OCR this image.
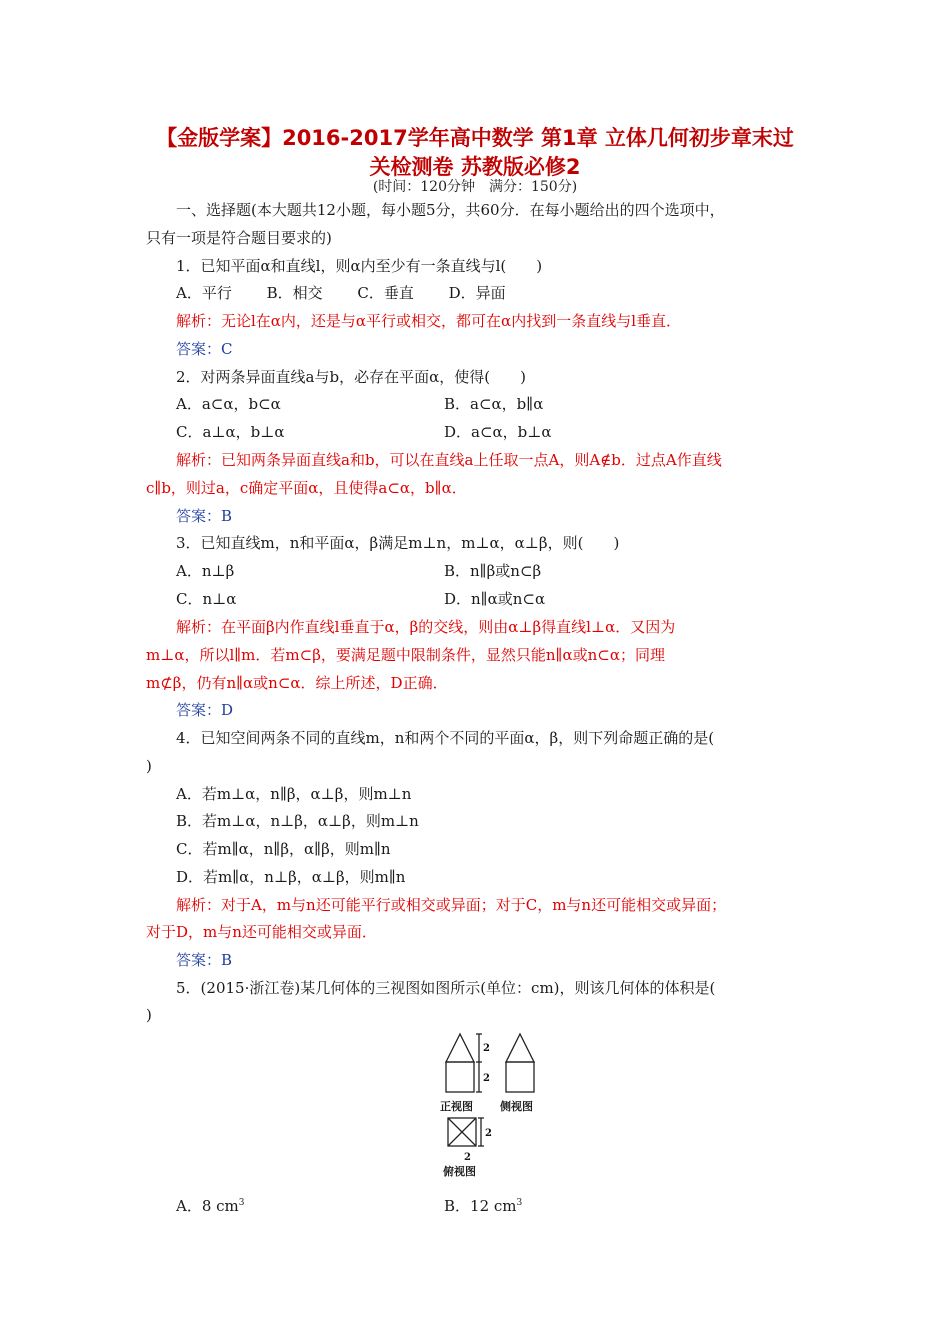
【金版学案】2016-2017学年高中数学 第1章 立体几何初步章末过
关检测卷 苏教版必修2
(时间：120分钟　满分：150分)
一、选择题(本大题共12小题，每小题5分，共60分．在每小题给出的四个选项中，
只有一项是符合题目要求的)
1．已知平面α和直线l，则α内至少有一条直线与l(　　)
A．平行　　 B．相交　　 C．垂直　　 D．异面
解析：无论l在α内，还是与α平行或相交，都可在α内找到一条直线与l垂直．
答案：C
2．对两条异面直线a与b，必存在平面α，使得(　　)
A．a⊂α，b⊂α	B．a⊂α，b∥α
C．a⊥α，b⊥α	D．a⊂α，b⊥α
解析：已知两条异面直线a和b，可以在直线a上任取一点A，则A∉b．过点A作直线
c∥b，则过a，c确定平面α，且使得a⊂α，b∥α．
答案：B
3．已知直线m，n和平面α，β满足m⊥n，m⊥α，α⊥β，则(　　)
A．n⊥β	B．n∥β或n⊂β
C．n⊥α	D．n∥α或n⊂α
解析：在平面β内作直线l垂直于α，β的交线，则由α⊥β得直线l⊥α．又因为
m⊥α，所以l∥m．若m⊂β，要满足题中限制条件，显然只能n∥α或n⊂α；同理
m⊄β，仍有n∥α或n⊂α．综上所述，D正确．
答案：D
4．已知空间两条不同的直线m，n和两个不同的平面α，β，则下列命题正确的是(
)
A．若m⊥α，n∥β，α⊥β，则m⊥n
B．若m⊥α，n⊥β，α⊥β，则m⊥n
C．若m∥α，n∥β，α∥β，则m∥n
D．若m∥α，n⊥β，α⊥β，则m∥n
解析：对于A，m与n还可能平行或相交或异面；对于C，m与n还可能相交或异面；
对于D，m与n还可能相交或异面．
答案：B
5．(2015·浙江卷)某几何体的三视图如图所示(单位：cm)，则该几何体的体积是(
)
2
2
2
正视图 侧视图
2
俯视图
A．8 $cm^3$	B．12 $cm^3$
